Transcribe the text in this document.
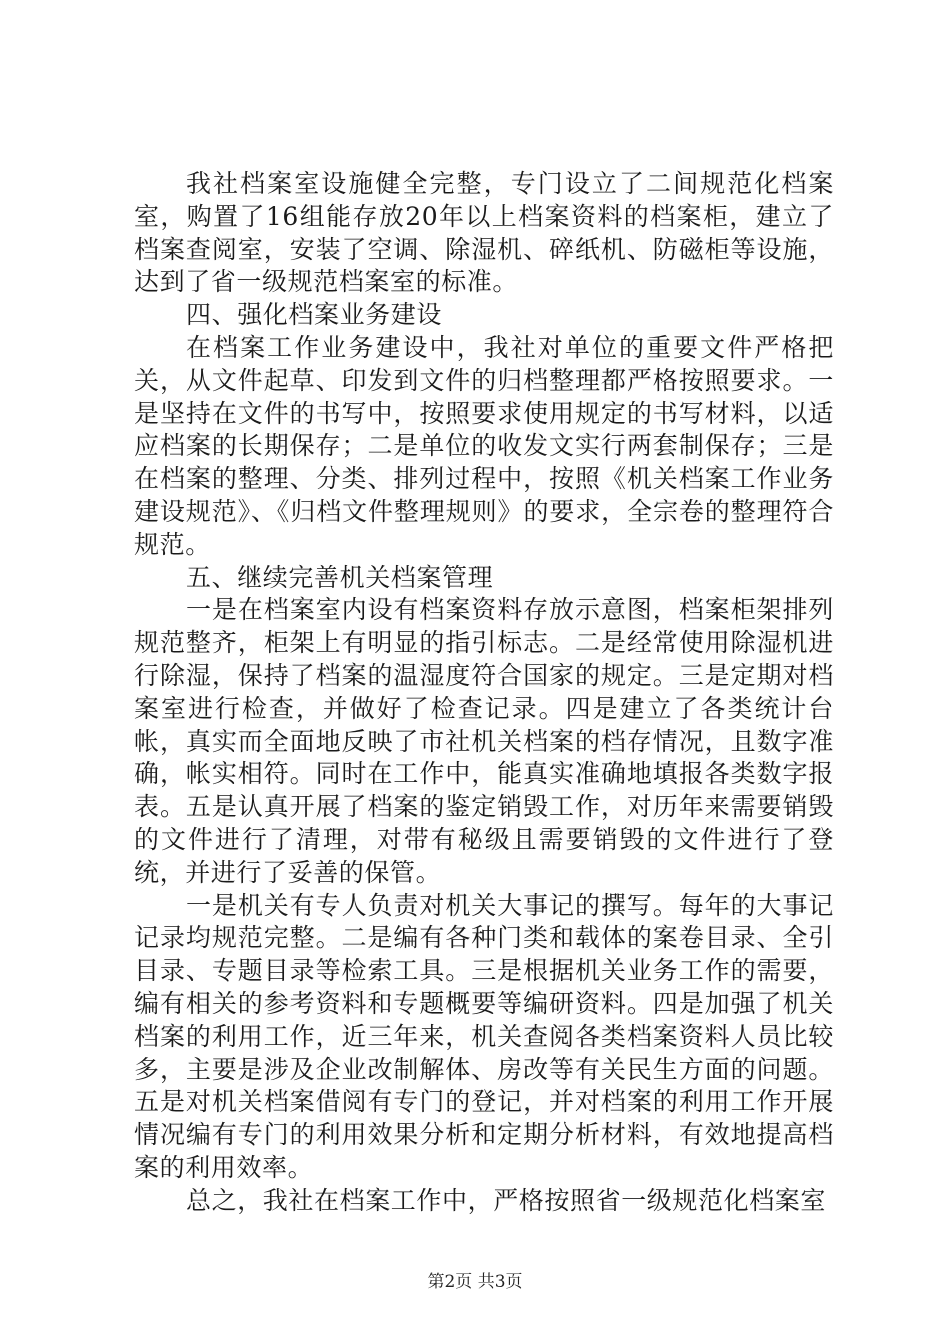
我社档案室设施健全完整，专门设立了二间规范化档案室，购置了16组能存放20年以上档案资料的档案柜，建立了档案查阅室，安装了空调、除湿机、碎纸机、防磁柜等设施，达到了省一级规范档案室的标准。

四、强化档案业务建设

在档案工作业务建设中，我社对单位的重要文件严格把关，从文件起草、印发到文件的归档整理都严格按照要求。一是坚持在文件的书写中，按照要求使用规定的书写材料，以适应档案的长期保存；二是单位的收发文实行两套制保存；三是在档案的整理、分类、排列过程中，按照《机关档案工作业务建设规范》、《归档文件整理规则》的要求，全宗卷的整理符合规范。

五、继续完善机关档案管理

一是在档案室内设有档案资料存放示意图，档案柜架排列规范整齐，柜架上有明显的指引标志。二是经常使用除湿机进行除湿，保持了档案的温湿度符合国家的规定。三是定期对档案室进行检查，并做好了检查记录。四是建立了各类统计台帐，真实而全面地反映了市社机关档案的档存情况，且数字准确，帐实相符。同时在工作中，能真实准确地填报各类数字报表。五是认真开展了档案的鉴定销毁工作，对历年来需要销毁的文件进行了清理，对带有秘级且需要销毁的文件进行了登统，并进行了妥善的保管。

一是机关有专人负责对机关大事记的撰写。每年的大事记记录均规范完整。二是编有各种门类和载体的案卷目录、全引目录、专题目录等检索工具。三是根据机关业务工作的需要，编有相关的参考资料和专题概要等编研资料。四是加强了机关档案的利用工作，近三年来，机关查阅各类档案资料人员比较多，主要是涉及企业改制解体、房改等有关民生方面的问题。五是对机关档案借阅有专门的登记，并对档案的利用工作开展情况编有专门的利用效果分析和定期分析材料，有效地提高档案的利用效率。

总之，我社在档案工作中，严格按照省一级规范化档案室

第2页 共3页
